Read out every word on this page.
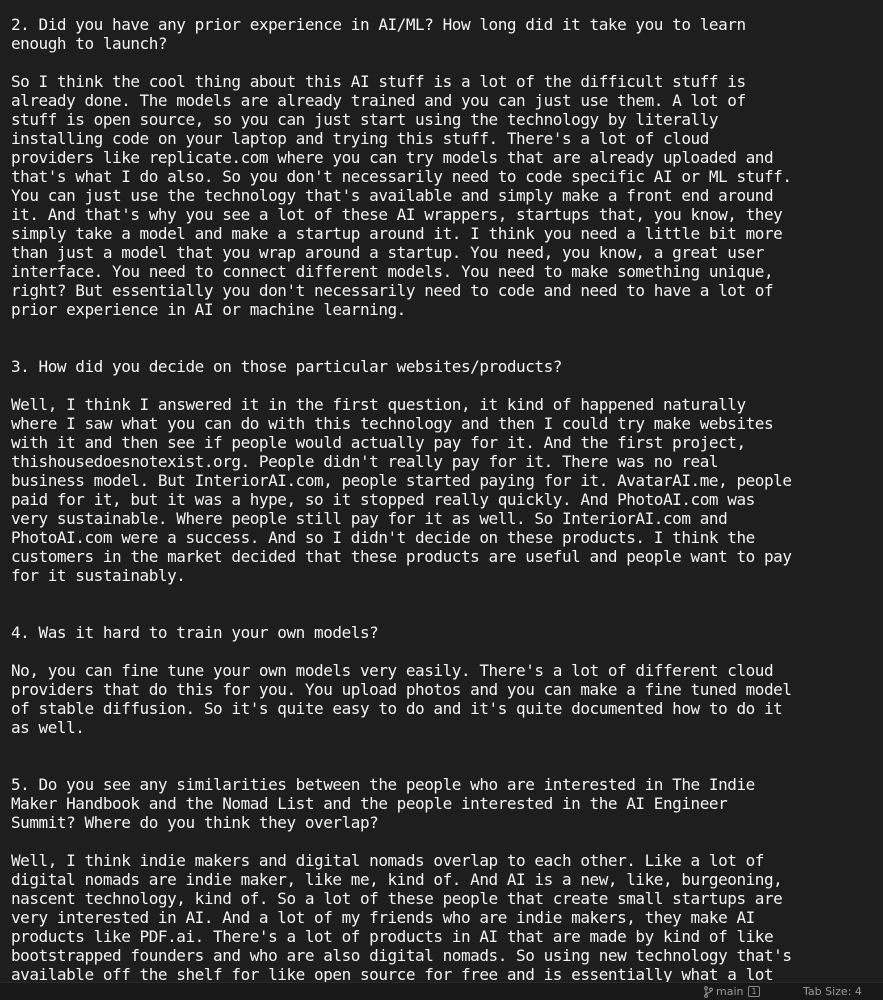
2. Did you have any prior experience in AI/ML? How long did it take you to learn
enough to launch?

So I think the cool thing about this AI stuff is a lot of the difficult stuff is
already done. The models are already trained and you can just use them. A lot of
stuff is open source, so you can just start using the technology by literally
installing code on your laptop and trying this stuff. There's a lot of cloud
providers like replicate.com where you can try models that are already uploaded and
that's what I do also. So you don't necessarily need to code specific AI or ML stuff.
You can just use the technology that's available and simply make a front end around
it. And that's why you see a lot of these AI wrappers, startups that, you know, they
simply take a model and make a startup around it. I think you need a little bit more
than just a model that you wrap around a startup. You need, you know, a great user
interface. You need to connect different models. You need to make something unique,
right? But essentially you don't necessarily need to code and need to have a lot of
prior experience in AI or machine learning.

3. How did you decide on those particular websites/products?

Well, I think I answered it in the first question, it kind of happened naturally
where I saw what you can do with this technology and then I could try make websites
with it and then see if people would actually pay for it. And the first project,
thishousedoesnotexist.org. People didn't really pay for it. There was no real
business model. But InteriorAI.com, people started paying for it. AvatarAI.me, people
paid for it, but it was a hype, so it stopped really quickly. And PhotoAI.com was
very sustainable. Where people still pay for it as well. So InteriorAI.com and
PhotoAI.com were a success. And so I didn't decide on these products. I think the
customers in the market decided that these products are useful and people want to pay
for it sustainably.

4. Was it hard to train your own models?

No, you can fine tune your own models very easily. There's a lot of different cloud
providers that do this for you. You upload photos and you can make a fine tuned model
of stable diffusion. So it's quite easy to do and it's quite documented how to do it
as well.

5. Do you see any similarities between the people who are interested in The Indie
Maker Handbook and the Nomad List and the people interested in the AI Engineer
Summit? Where do you think they overlap?

Well, I think indie makers and digital nomads overlap to each other. Like a lot of
digital nomads are indie maker, like me, kind of. And AI is a new, like, burgeoning,
nascent technology, kind of. So a lot of these people that create small startups are
very interested in AI. And a lot of my friends who are indie makers, they make AI
products like PDF.ai. There's a lot of products in AI that are made by kind of like
bootstrapped founders and who are also digital nomads. So using new technology that's
available off the shelf for like open source for free and is essentially what a lot
main	1	Tab Size: 4
